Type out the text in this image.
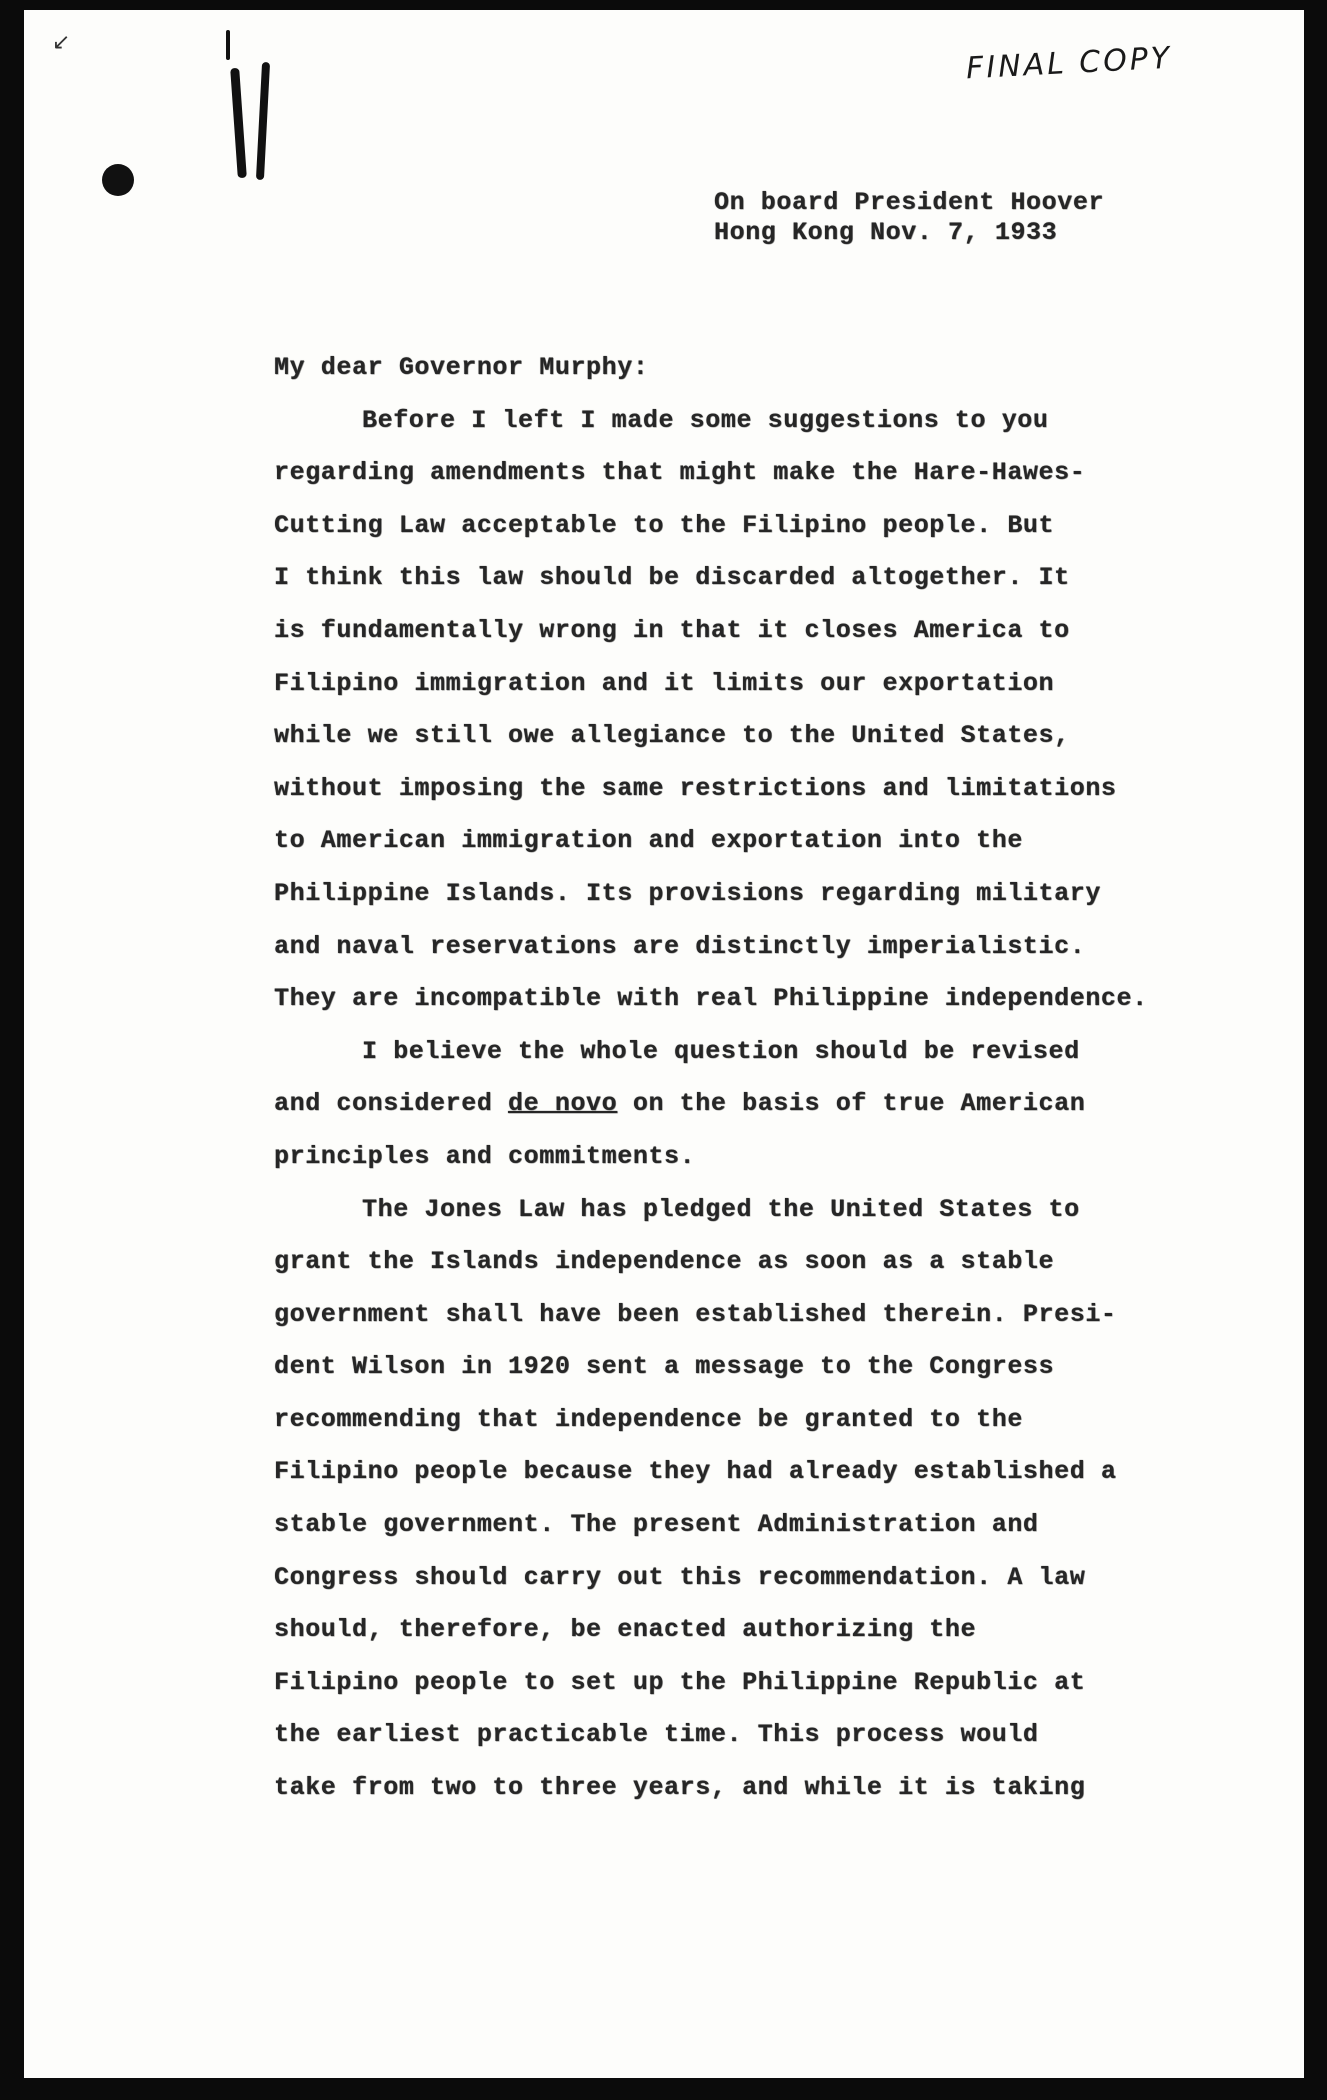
↙	FINAL COPY
On board President Hoover
Hong Kong Nov. 7, 1933
My dear Governor Murphy:
Before I left I made some suggestions to you
regarding amendments that might make the Hare-Hawes-
Cutting Law acceptable to the Filipino people. But
I think this law should be discarded altogether. It
is fundamentally wrong in that it closes America to
Filipino immigration and it limits our exportation
while we still owe allegiance to the United States,
without imposing the same restrictions and limitations
to American immigration and exportation into the
Philippine Islands. Its provisions regarding military
and naval reservations are distinctly imperialistic.
They are incompatible with real Philippine independence.
I believe the whole question should be revised
and considered de novo on the basis of true American
principles and commitments.
The Jones Law has pledged the United States to
grant the Islands independence as soon as a stable
government shall have been established therein. Presi-
dent Wilson in 1920 sent a message to the Congress
recommending that independence be granted to the
Filipino people because they had already established a
stable government. The present Administration and
Congress should carry out this recommendation. A law
should, therefore, be enacted authorizing the
Filipino people to set up the Philippine Republic at
the earliest practicable time. This process would
take from two to three years, and while it is taking
